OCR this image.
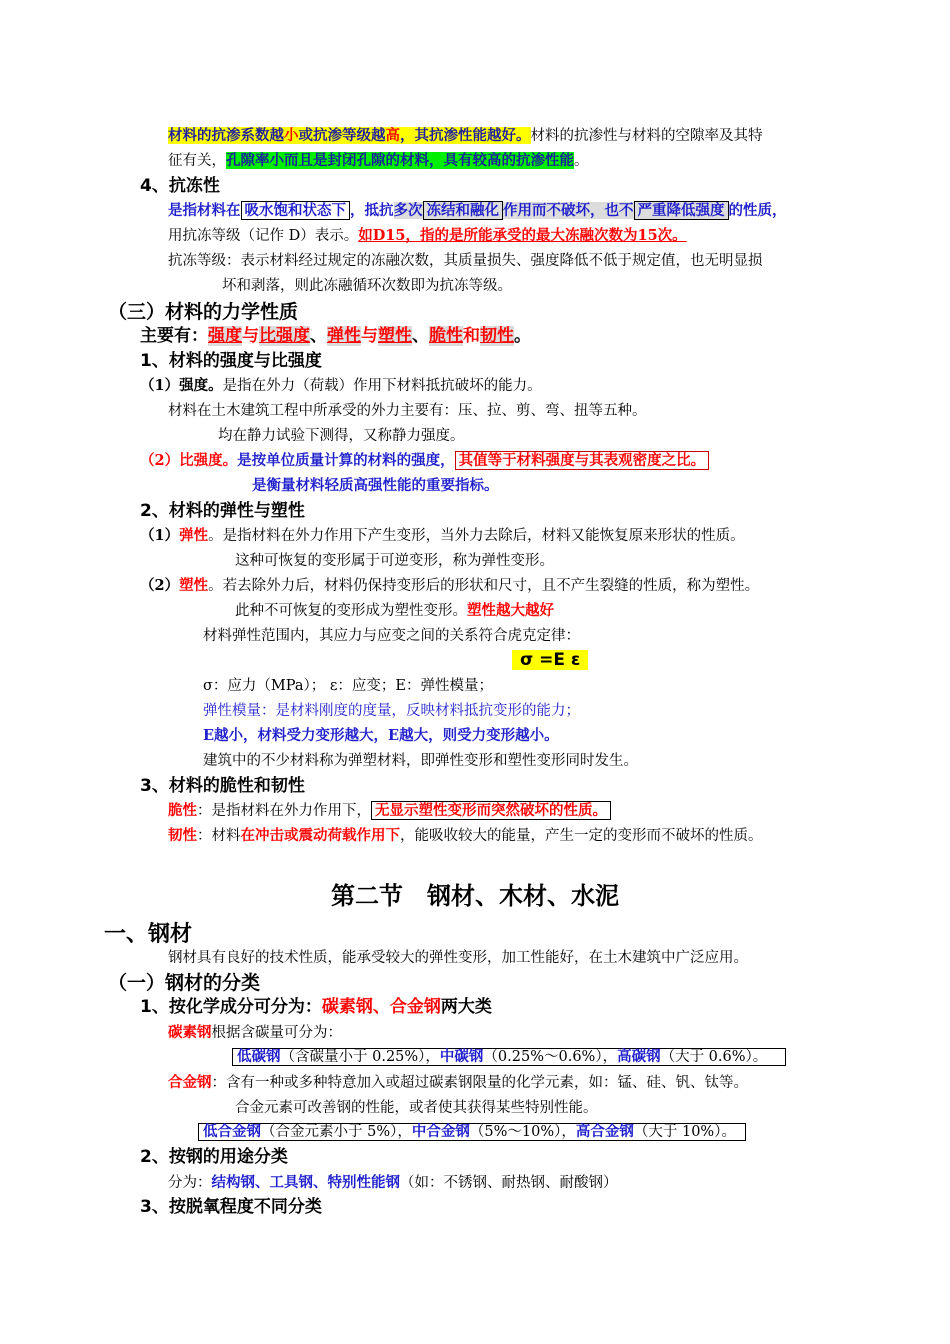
材料的抗渗系数越小或抗渗等级越高，其抗渗性能越好。材料的抗渗性与材料的空隙率及其特
征有关，孔隙率小而且是封闭孔隙的材料，具有较高的抗渗性能。
4、抗冻性
是指材料在 吸水饱和状态下 ，抵抗多次 冻结和融化 作用而不破坏，也不 严重降低强度 的性质，
用抗冻等级（记作 D）表示。如D15，指的是所能承受的最大冻融次数为15次。
抗冻等级：表示材料经过规定的冻融次数，其质量损失、强度降低不低于规定值，也无明显损
坏和剥落，则此冻融循环次数即为抗冻等级。
（三）材料的力学性质
主要有：强度与比强度、弹性与塑性、脆性和韧性。
1、材料的强度与比强度
（1）强度。是指在外力（荷载）作用下材料抵抗破坏的能力。
材料在土木建筑工程中所承受的外力主要有：压、拉、剪、弯、扭等五种。
均在静力试验下测得，又称静力强度。
（2）比强度。是按单位质量计算的材料的强度， 其值等于材料强度与其表观密度之比。
是衡量材料轻质高强性能的重要指标。
2、材料的弹性与塑性
（1）弹性。是指材料在外力作用下产生变形，当外力去除后，材料又能恢复原来形状的性质。
这种可恢复的变形属于可逆变形，称为弹性变形。
（2）塑性。若去除外力后，材料仍保持变形后的形状和尺寸，且不产生裂缝的性质，称为塑性。
此种不可恢复的变形成为塑性变形。塑性越大越好
材料弹性范围内，其应力与应变之间的关系符合虎克定律：
σ =E ε
σ：应力（MPa）； ε：应变；E：弹性模量；
弹性模量：是材料刚度的度量，反映材料抵抗变形的能力；
E越小，材料受力变形越大，E越大，则受力变形越小。
建筑中的不少材料称为弹塑材料，即弹性变形和塑性变形同时发生。
3、材料的脆性和韧性
脆性：是指材料在外力作用下， 无显示塑性变形而突然破坏的性质。
韧性：材料在冲击或震动荷载作用下，能吸收较大的能量，产生一定的变形而不破坏的性质。
第二节　钢材、木材、水泥
一、钢材
钢材具有良好的技术性质，能承受较大的弹性变形，加工性能好，在土木建筑中广泛应用。
（一）钢材的分类
1、按化学成分可分为：碳素钢、合金钢两大类
碳素钢根据含碳量可分为：
低碳钢（含碳量小于 0.25%），中碳钢（0.25%～0.6%），高碳钢（大于 0.6%）。
合金钢：含有一种或多种特意加入或超过碳素钢限量的化学元素，如：锰、硅、钒、钛等。
合金元素可改善钢的性能，或者使其获得某些特别性能。
低合金钢（合金元素小于 5%），中合金钢（5%～10%），高合金钢（大于 10%）。
2、按钢的用途分类
分为：结构钢、工具钢、特别性能钢（如：不锈钢、耐热钢、耐酸钢）
3、按脱氧程度不同分类
